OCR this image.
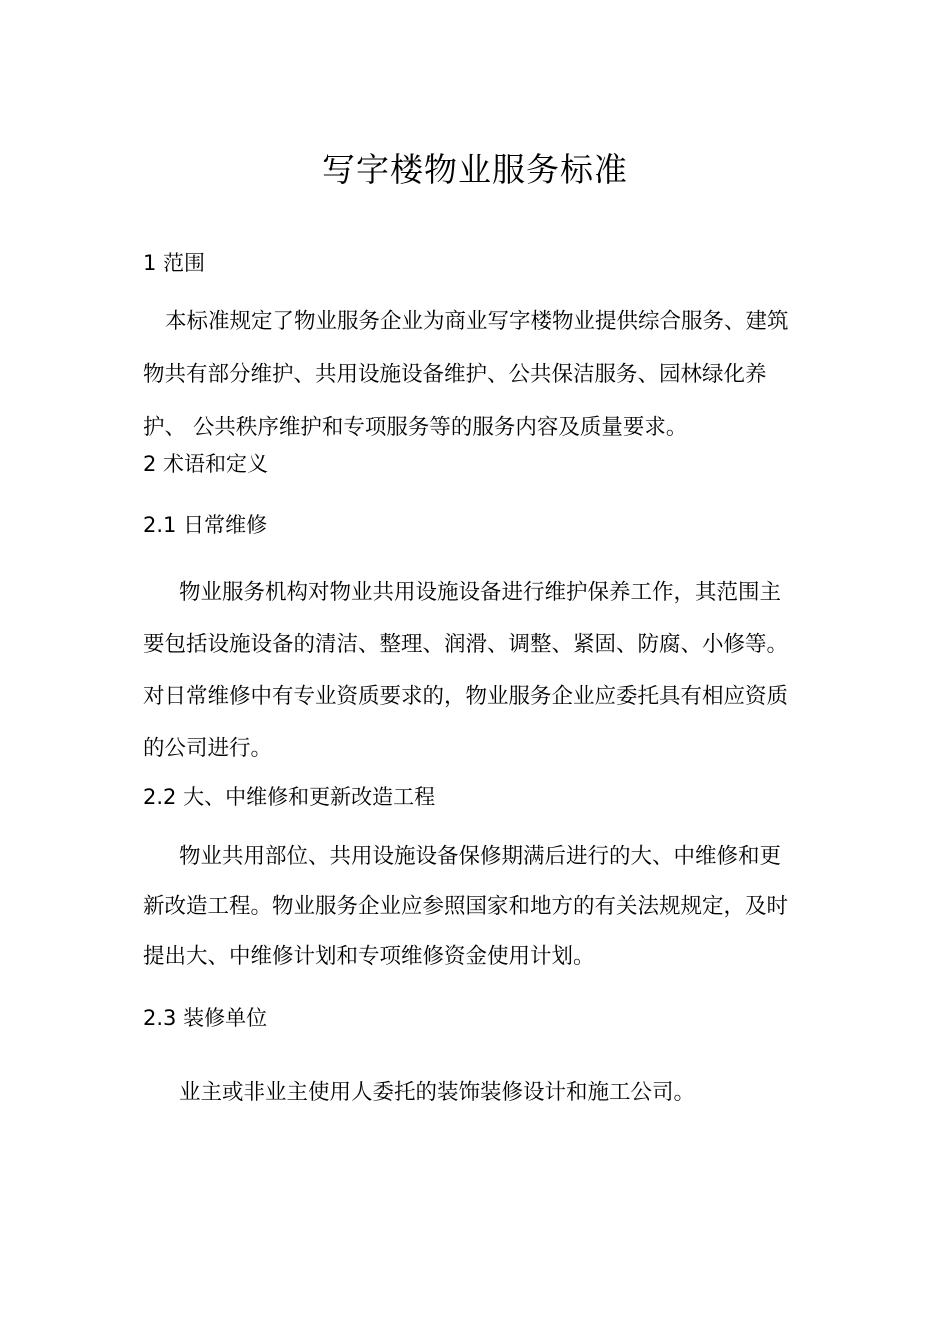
写字楼物业服务标准
1 范围
本标准规定了物业服务企业为商业写字楼物业提供综合服务、建筑
物共有部分维护、共用设施设备维护、公共保洁服务、园林绿化养
护、 公共秩序维护和专项服务等的服务内容及质量要求。
2 术语和定义
2.1 日常维修
物业服务机构对物业共用设施设备进行维护保养工作，其范围主
要包括设施设备的清洁、整理、润滑、调整、紧固、防腐、小修等。
对日常维修中有专业资质要求的，物业服务企业应委托具有相应资质
的公司进行。
2.2 大、中维修和更新改造工程
物业共用部位、共用设施设备保修期满后进行的大、中维修和更
新改造工程。物业服务企业应参照国家和地方的有关法规规定，及时
提出大、中维修计划和专项维修资金使用计划。
2.3 装修单位
业主或非业主使用人委托的装饰装修设计和施工公司。
